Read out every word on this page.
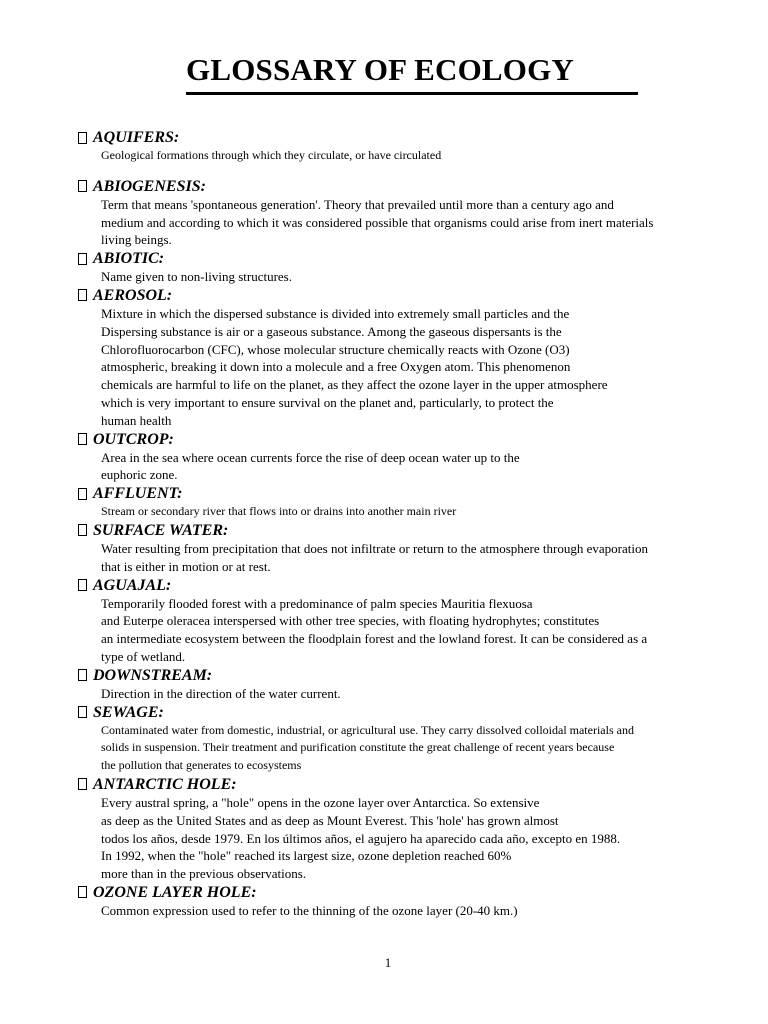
GLOSSARY OF ECOLOGY
AQUIFERS:
Geological formations through which they circulate, or have circulated
ABIOGENESIS:
Term that means 'spontaneous generation'. Theory that prevailed until more than a century ago and
medium and according to which it was considered possible that organisms could arise from inert materials
living beings.
ABIOTIC:
Name given to non-living structures.
AEROSOL:
Mixture in which the dispersed substance is divided into extremely small particles and the
Dispersing substance is air or a gaseous substance. Among the gaseous dispersants is the
Chlorofluorocarbon (CFC), whose molecular structure chemically reacts with Ozone (O3)
atmospheric, breaking it down into a molecule and a free Oxygen atom. This phenomenon
chemicals are harmful to life on the planet, as they affect the ozone layer in the upper atmosphere
which is very important to ensure survival on the planet and, particularly, to protect the
human health
OUTCROP:
Area in the sea where ocean currents force the rise of deep ocean water up to the
euphoric zone.
AFFLUENT:
Stream or secondary river that flows into or drains into another main river
SURFACE WATER:
Water resulting from precipitation that does not infiltrate or return to the atmosphere through evaporation
that is either in motion or at rest.
AGUAJAL:
Temporarily flooded forest with a predominance of palm species Mauritia flexuosa
and Euterpe oleracea interspersed with other tree species, with floating hydrophytes; constitutes
an intermediate ecosystem between the floodplain forest and the lowland forest. It can be considered as a
type of wetland.
DOWNSTREAM:
Direction in the direction of the water current.
SEWAGE:
Contaminated water from domestic, industrial, or agricultural use. They carry dissolved colloidal materials and
solids in suspension. Their treatment and purification constitute the great challenge of recent years because
the pollution that generates to ecosystems
ANTARCTIC HOLE:
Every austral spring, a "hole" opens in the ozone layer over Antarctica. So extensive
as deep as the United States and as deep as Mount Everest. This 'hole' has grown almost
todos los años, desde 1979. En los últimos años, el agujero ha aparecido cada año, excepto en 1988.
In 1992, when the "hole" reached its largest size, ozone depletion reached 60%
more than in the previous observations.
OZONE LAYER HOLE:
Common expression used to refer to the thinning of the ozone layer (20-40 km.)
1
